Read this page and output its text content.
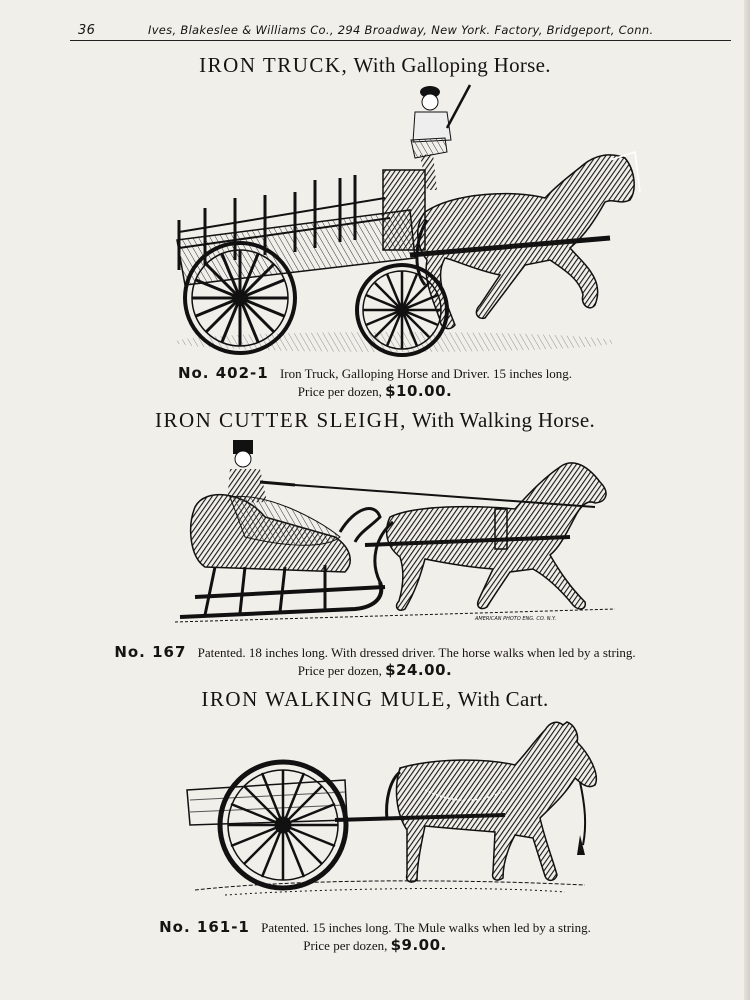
36	Ives, Blakeslee & Williams Co., 294 Broadway, New York. Factory, Bridgeport, Conn.
IRON TRUCK, With Galloping Horse.
No. 402-1 Iron Truck, Galloping Horse and Driver. 15 inches long.
Price per dozen, $10.00.
IRON CUTTER SLEIGH, With Walking Horse.
AMERICAN PHOTO ENG. CO. N.Y.
No. 167 Patented. 18 inches long. With dressed driver. The horse walks when led by a string.
Price per dozen, $24.00.
IRON WALKING MULE, With Cart.
No. 161-1 Patented. 15 inches long. The Mule walks when led by a string.
Price per dozen, $9.00.
